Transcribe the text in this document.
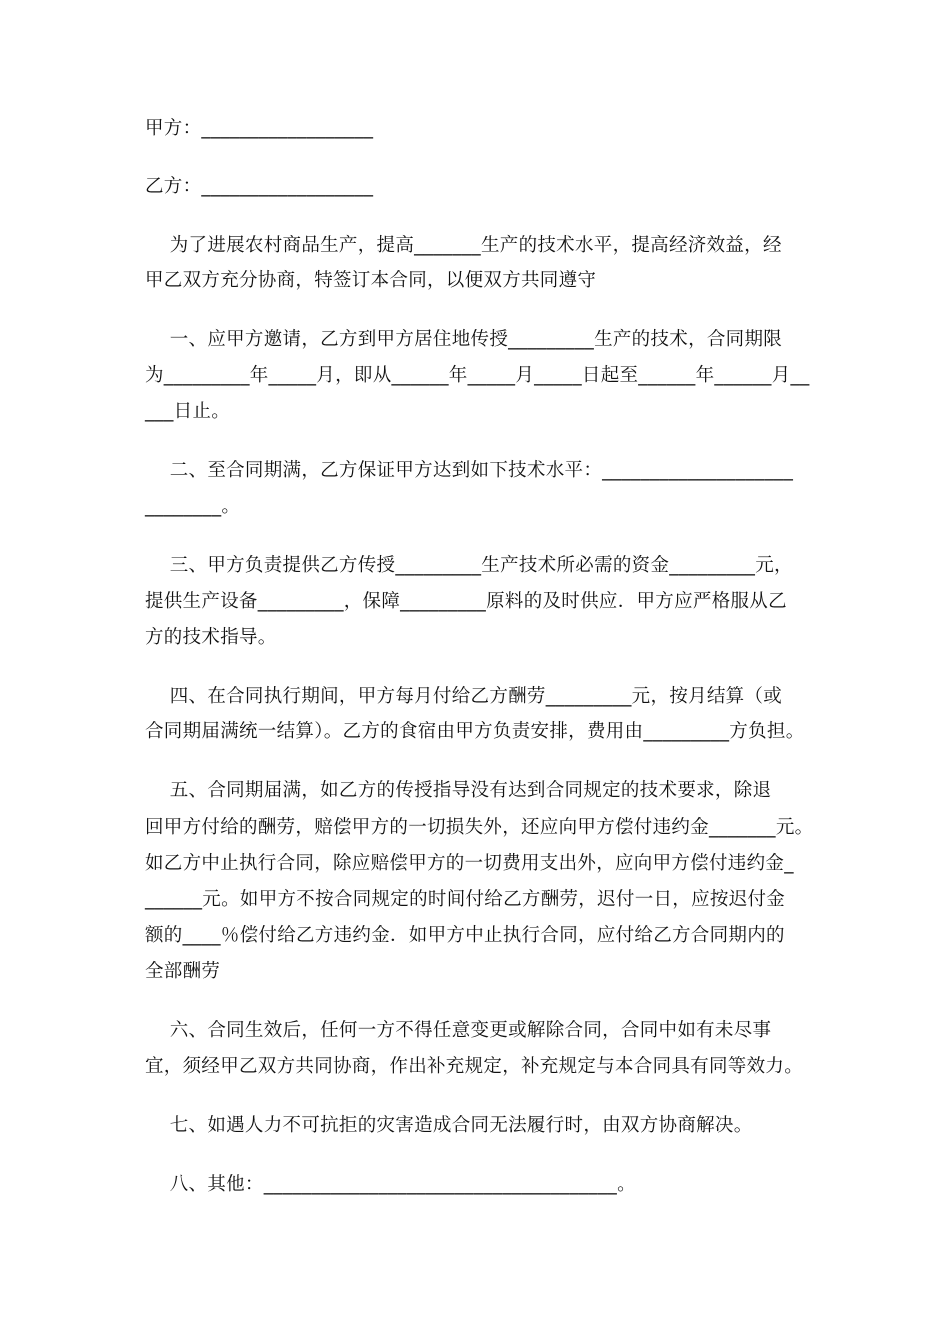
甲方：__________________
乙方：__________________
为了进展农村商品生产，提高_______生产的技术水平，提高经济效益，经
甲乙双方充分协商，特签订本合同，以便双方共同遵守
一、应甲方邀请，乙方到甲方居住地传授_________生产的技术，合同期限
为_________年_____月，即从______年_____月_____日起至______年______月__
___日止。
二、至合同期满，乙方保证甲方达到如下技术水平：____________________
________。
三、甲方负责提供乙方传授_________生产技术所必需的资金_________元，
提供生产设备_________，保障_________原料的及时供应．甲方应严格服从乙
方的技术指导。
四、在合同执行期间，甲方每月付给乙方酬劳_________元，按月结算（或
合同期届满统一结算）。乙方的食宿由甲方负责安排，费用由_________方负担。
五、合同期届满，如乙方的传授指导没有达到合同规定的技术要求，除退
回甲方付给的酬劳，赔偿甲方的一切损失外，还应向甲方偿付违约金_______元。
如乙方中止执行合同，除应赔偿甲方的一切费用支出外，应向甲方偿付违约金_
______元。如甲方不按合同规定的时间付给乙方酬劳，迟付一日，应按迟付金
额的____％偿付给乙方违约金．如甲方中止执行合同，应付给乙方合同期内的
全部酬劳
六、合同生效后，任何一方不得任意变更或解除合同，合同中如有未尽事
宜，须经甲乙双方共同协商，作出补充规定，补充规定与本合同具有同等效力。
七、如遇人力不可抗拒的灾害造成合同无法履行时，由双方协商解决。
八、其他：_____________________________________。
